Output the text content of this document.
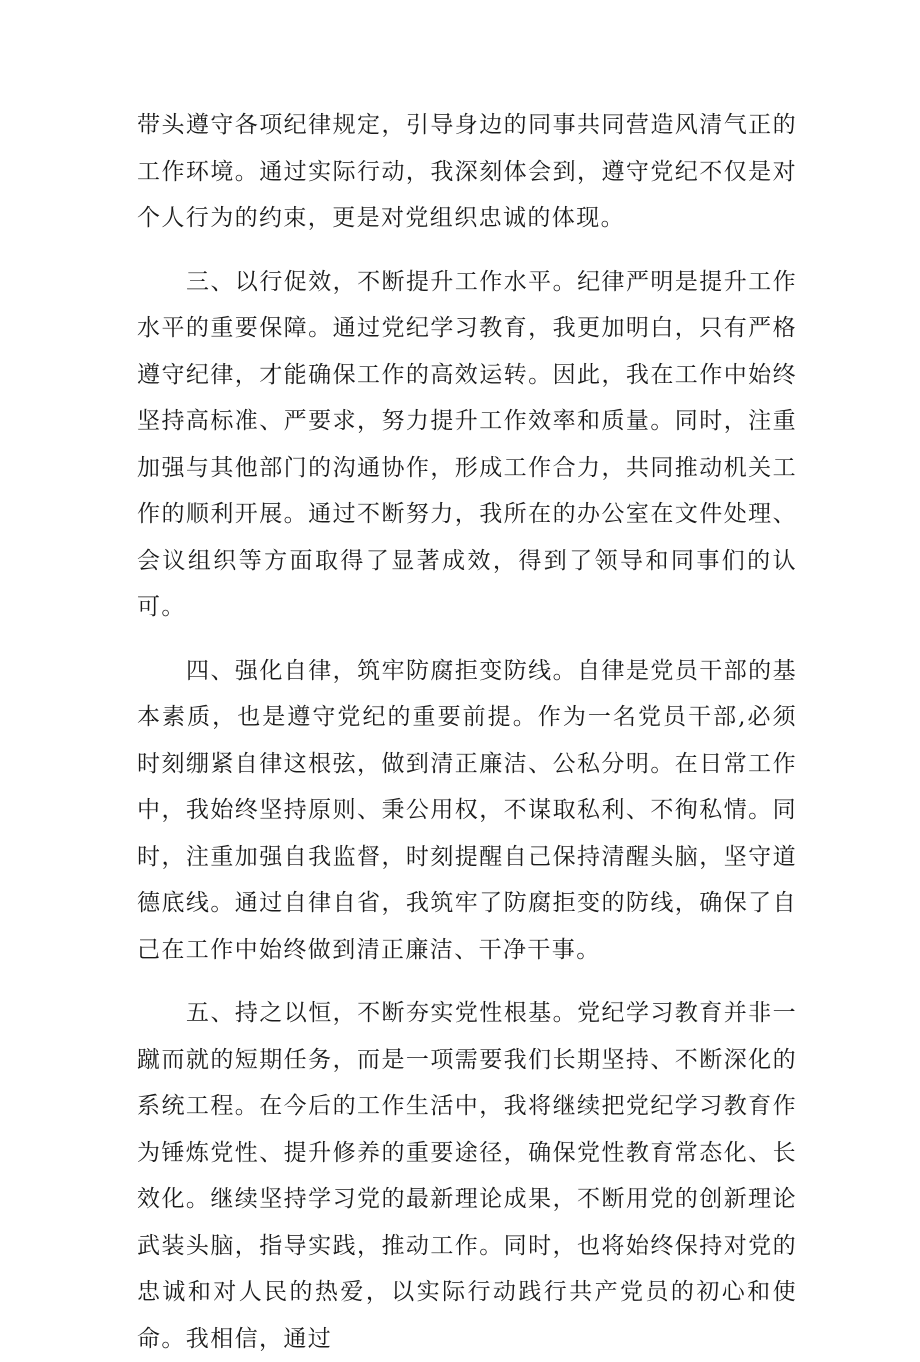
带头遵守各项纪律规定，引导身边的同事共同营造风清气正的工作环境。通过实际行动，我深刻体会到，遵守党纪不仅是对个人行为的约束，更是对党组织忠诚的体现。

三、以行促效，不断提升工作水平。纪律严明是提升工作水平的重要保障。通过党纪学习教育，我更加明白，只有严格遵守纪律，才能确保工作的高效运转。因此，我在工作中始终坚持高标准、严要求，努力提升工作效率和质量。同时，注重加强与其他部门的沟通协作，形成工作合力，共同推动机关工作的顺利开展。通过不断努力，我所在的办公室在文件处理、会议组织等方面取得了显著成效，得到了领导和同事们的认可。

四、强化自律，筑牢防腐拒变防线。自律是党员干部的基本素质，也是遵守党纪的重要前提。作为一名党员干部,必须时刻绷紧自律这根弦，做到清正廉洁、公私分明。在日常工作中，我始终坚持原则、秉公用权，不谋取私利、不徇私情。同时，注重加强自我监督，时刻提醒自己保持清醒头脑，坚守道德底线。通过自律自省，我筑牢了防腐拒变的防线，确保了自己在工作中始终做到清正廉洁、干净干事。

五、持之以恒，不断夯实党性根基。党纪学习教育并非一蹴而就的短期任务，而是一项需要我们长期坚持、不断深化的系统工程。在今后的工作生活中，我将继续把党纪学习教育作为锤炼党性、提升修养的重要途径，确保党性教育常态化、长效化。继续坚持学习党的最新理论成果，不断用党的创新理论武装头脑，指导实践，推动工作。同时，也将始终保持对党的忠诚和对人民的热爱，以实际行动践行共产党员的初心和使命。我相信，通过
